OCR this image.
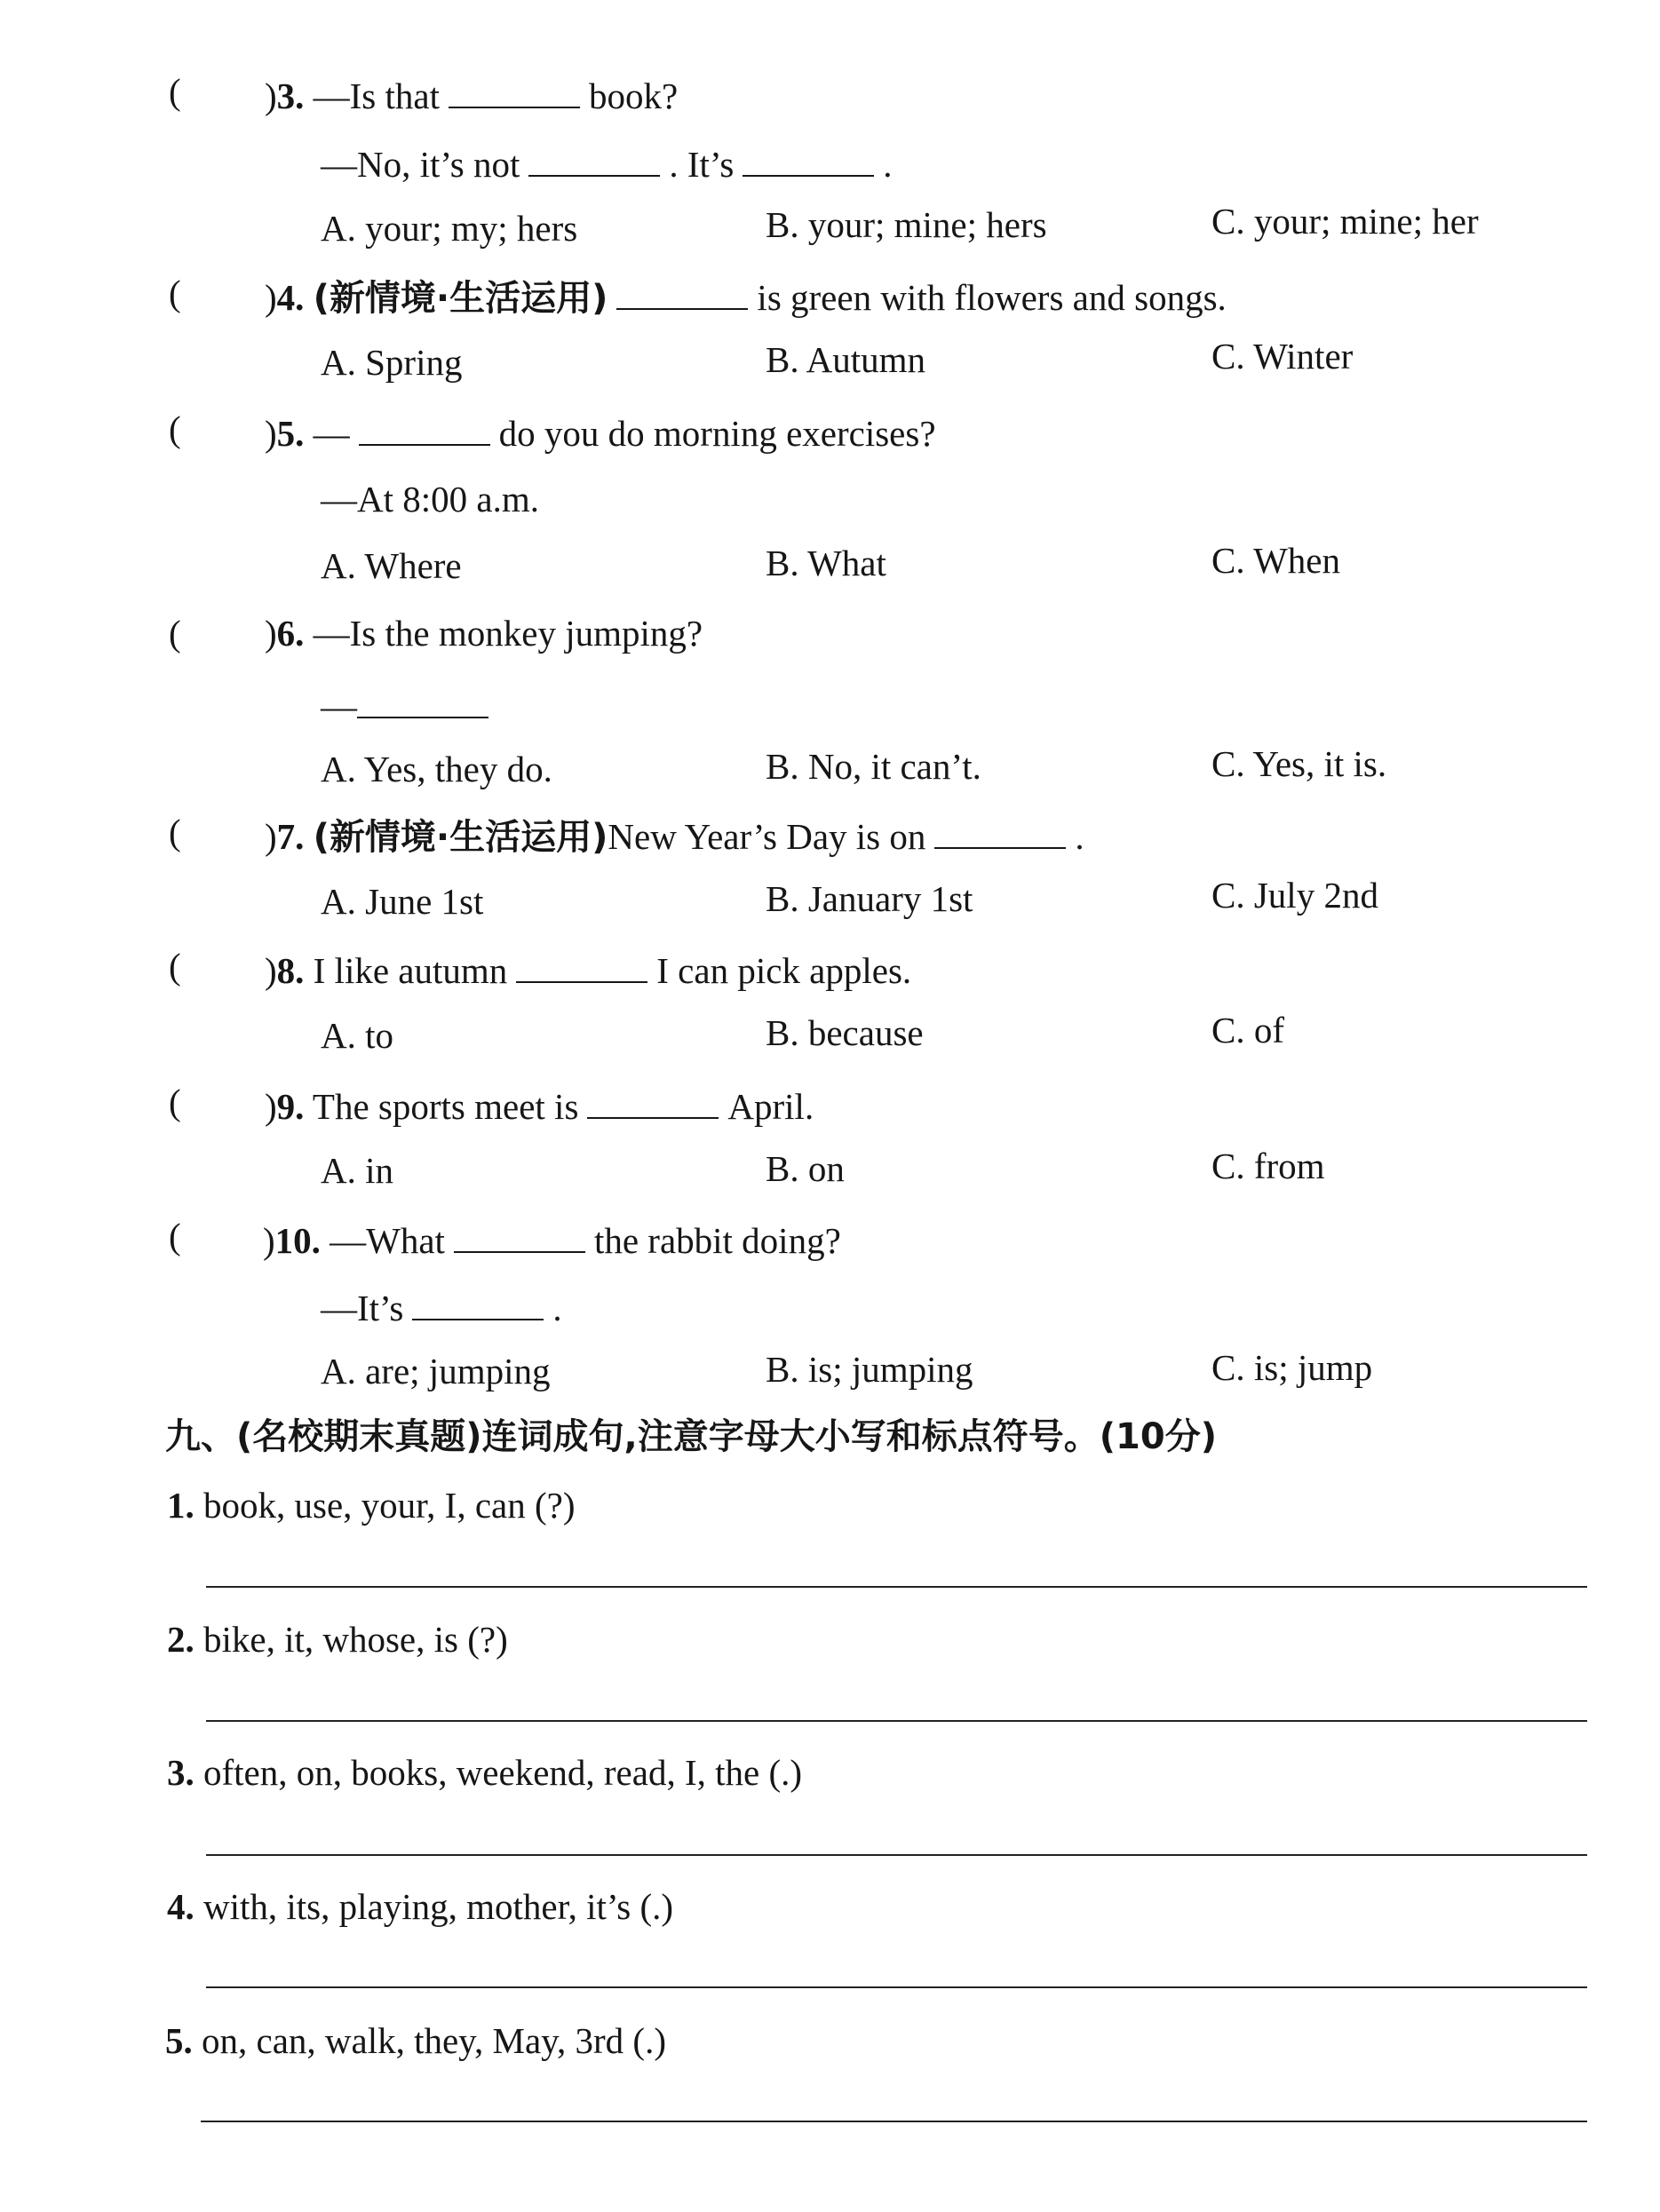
( )3. —Is that	book?
—No, it’s not	. It’s	.
A. your; my; hers	B. your; mine; hers	C. your; mine; her
( )4. (新情境·生活运用)	is green with flowers and songs.
A. Spring	B. Autumn	C. Winter
( )5. —	do you do morning exercises?
—At 8:00 a.m.
A. Where	B. What	C. When
( )6. —Is the monkey jumping?
—
A. Yes, they do.	B. No, it can’t.	C. Yes, it is.
( )7. (新情境·生活运用)New Year’s Day is on	.
A. June 1st	B. January 1st	C. July 2nd
( )8. I like autumn	I can pick apples.
A. to	B. because	C. of
( )9. The sports meet is	April.
A. in	B. on	C. from
( )10. —What	the rabbit doing?
—It’s	.
A. are; jumping	B. is; jumping	C. is; jump
九、(名校期末真题)连词成句,注意字母大小写和标点符号。(10分)
1. book, use, your, I, can (?)
2. bike, it, whose, is (?)
3. often, on, books, weekend, read, I, the (.)
4. with, its, playing, mother, it’s (.)
5. on, can, walk, they, May, 3rd (.)
